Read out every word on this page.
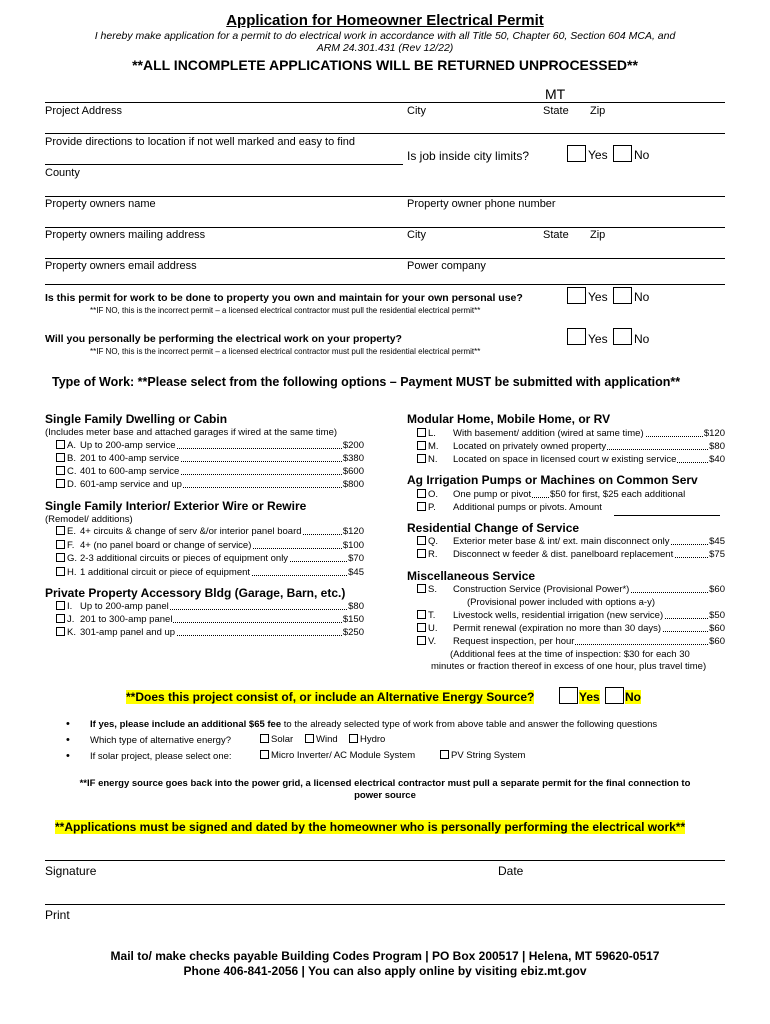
Application for Homeowner Electrical Permit
I hereby make application for a permit to do electrical work in accordance with all Title 50, Chapter 60, Section 604 MCA, and
ARM 24.301.431 (Rev 12/22)
**ALL INCOMPLETE APPLICATIONS WILL BE RETURNED UNPROCESSED**
MT
Project Address	City	State Zip
Provide directions to location if not well marked and easy to find
Is job inside city limits?	Yes No
County
Property owners name	Property owner phone number
Property owners mailing address	City	State Zip
Property owners email address	Power company
Is this permit for work to be done to property you own and maintain for your own personal use?	Yes No
**IF NO, this is the incorrect permit – a licensed electrical contractor must pull the residential electrical permit**
Will you personally be performing the electrical work on your property?	Yes No
**IF NO, this is the incorrect permit – a licensed electrical contractor must pull the residential electrical permit**
Type of Work: **Please select from the following options – Payment MUST be submitted with application**
Single Family Dwelling or Cabin
(Includes meter base and attached garages if wired at the same time)
A. Up to 200-amp service	$200
B. 201 to 400-amp service	$380
C. 401 to 600-amp service	$600
D. 601-amp service and up	$800
Single Family Interior/ Exterior Wire or Rewire
(Remodel/ additions)
E. 4+ circuits & change of serv &/or interior panel board	$120
F. 4+ (no panel board or change of service)	$100
G. 2-3 additional circuits or pieces of equipment only	$70
H. 1 additional circuit or piece of equipment	$45
Private Property Accessory Bldg (Garage, Barn, etc.)
I. Up to 200-amp panel	$80
J. 201 to 300-amp panel	$150
K. 301-amp panel and up	$250
Modular Home, Mobile Home, or RV
L.	With basement/ addition (wired at same time)	$120
M.	Located on privately owned property	$80
N.	Located on space in licensed court w existing service	$40
Ag Irrigation Pumps or Machines on Common Serv
O.	One pump or pivot	$50 for first, $25 each additional
P. Additional pumps or pivots. Amount
Residential Change of Service
Q.	Exterior meter base & int/ ext. main disconnect only	$45
R.	Disconnect w feeder & dist. panelboard replacement	$75
Miscellaneous Service
S.	Construction Service (Provisional Power*)	$60
(Provisional power included with options a-y)
T.	Livestock wells, residential irrigation (new service)	$50
U.	Permit renewal (expiration no more than 30 days)	$60
V.	Request inspection, per hour	$60
(Additional fees at the time of inspection: $30 for each 30
minutes or fraction thereof in excess of one hour, plus travel time)
**Does this project consist of, or include an Alternative Energy Source?	Yes No
• If yes, please include an additional $65 fee to the already selected type of work from above table and answer the following questions
• Which type of alternative energy?	Solar	Wind	Hydro
• If solar project, please select one:	Micro Inverter/ AC Module System	PV String System
**IF energy source goes back into the power grid, a licensed electrical contractor must pull a separate permit for the final connection to
power source
**Applications must be signed and dated by the homeowner who is personally performing the electrical work**
Signature	Date
Print
Mail to/ make checks payable Building Codes Program | PO Box 200517 | Helena, MT 59620-0517
Phone 406-841-2056 | You can also apply online by visiting ebiz.mt.gov
